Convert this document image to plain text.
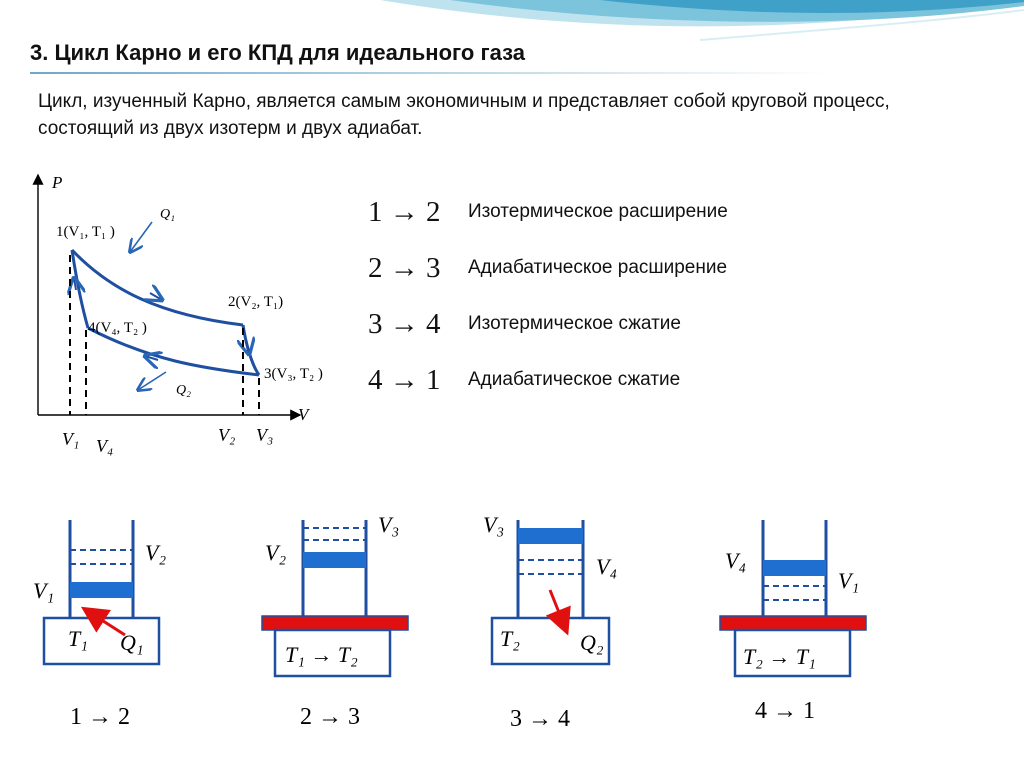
3. Цикл Карно и его КПД для идеального газа
Цикл, изученный Карно, является самым экономичным и представляет собой круговой процесс, состоящий из двух изотерм и двух адиабат.
P
V
Q₁
Q₂
1(V₁, T₁ )
2(V₂, T₁)
3(V₃, T₂ )
4(V₄, T₂ )
V₁ V₄
V₂ V₃
1 → 2	Изотермическое расширение
2 → 3	Адиабатическое расширение
3 → 4	Изотермическое сжатие
4 → 1	Адиабатическое сжатие
V₂
V₁
T₁ Q₁
1 → 2
V₃
V₂
T₁ → T₂
2 → 3
V₃
V₄
T₂	Q₂
3 → 4
V₄
V₁
T₂ → T₁
4 → 1
